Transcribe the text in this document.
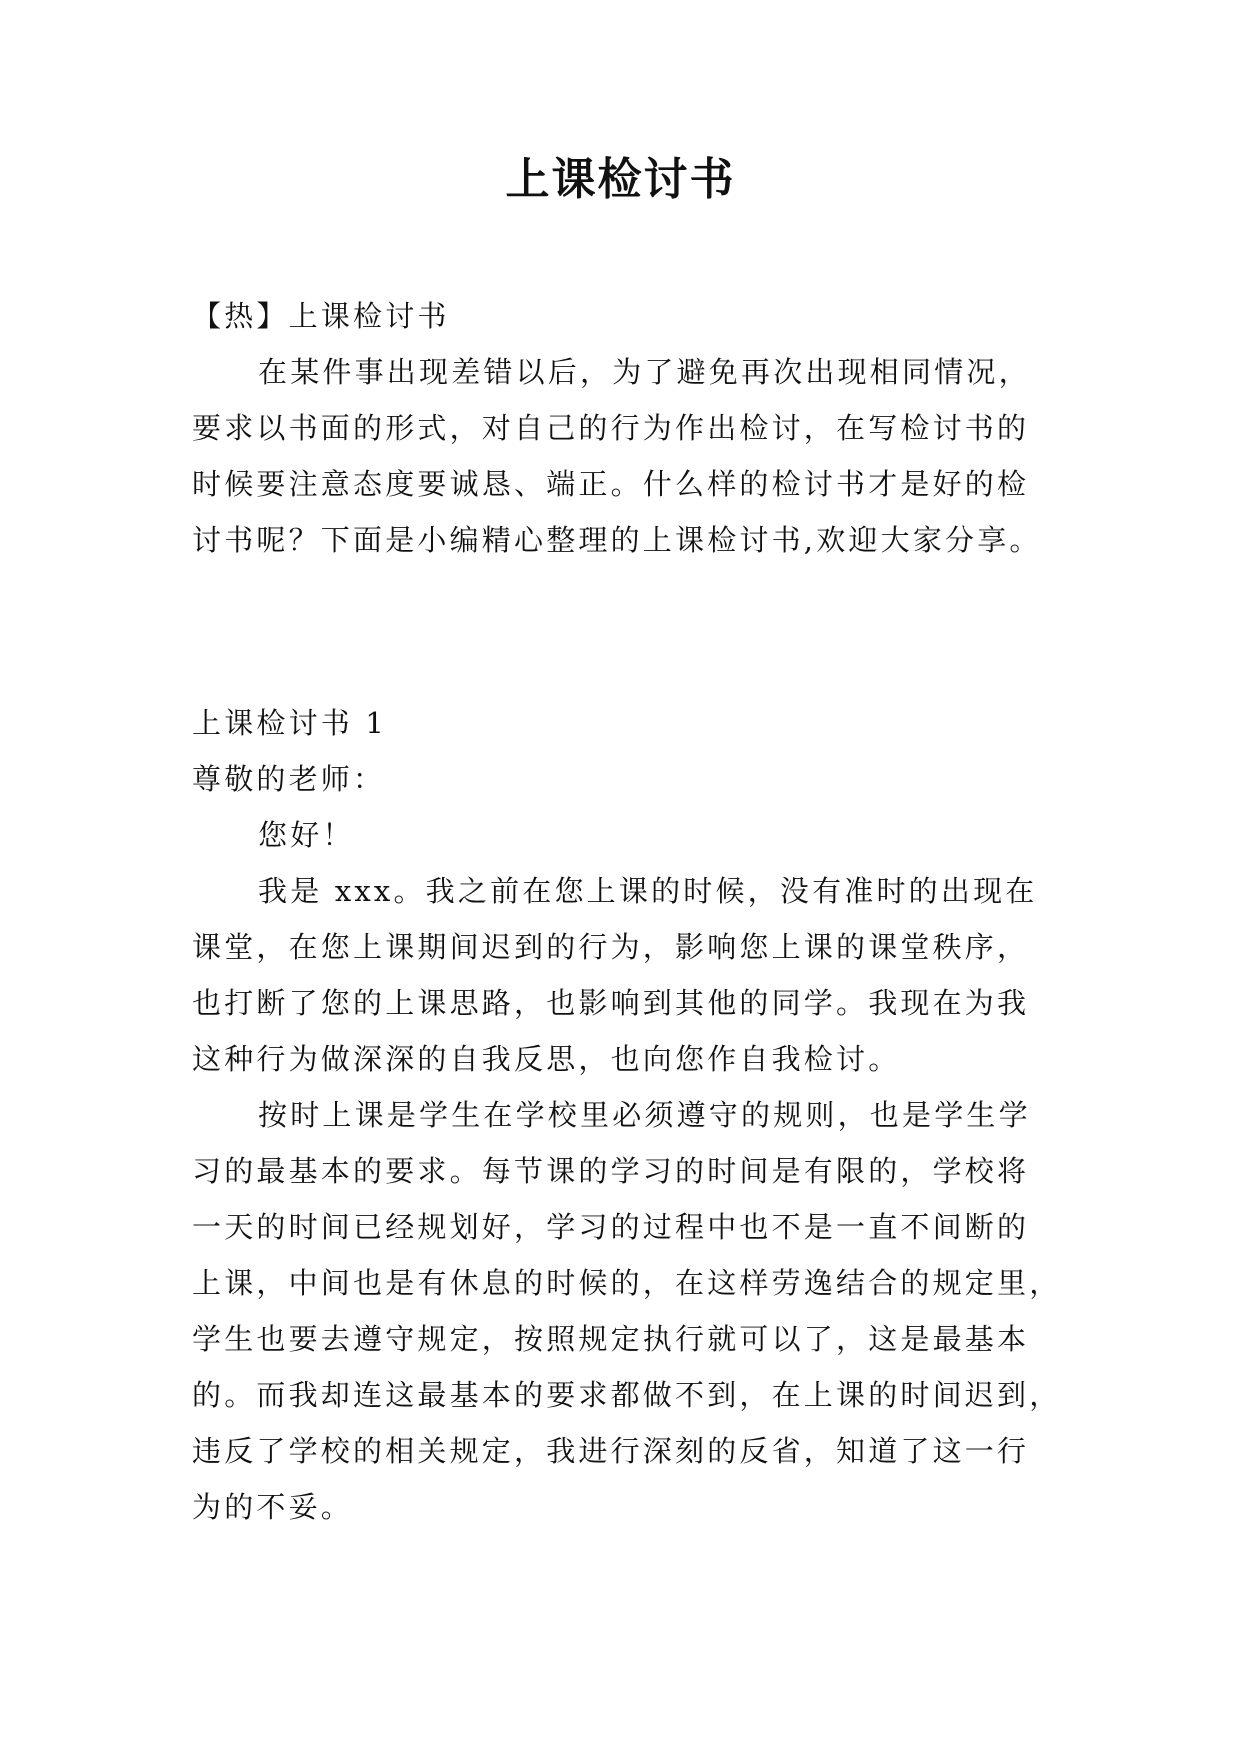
上课检讨书
【热】上课检讨书
在某件事出现差错以后，为了避免再次出现相同情况，
要求以书面的形式，对自己的行为作出检讨，在写检讨书的
时候要注意态度要诚恳、端正。什么样的检讨书才是好的检
讨书呢？下面是小编精心整理的上课检讨书,欢迎大家分享。
上课检讨书 1
尊敬的老师：
您好！
我是 xxx。我之前在您上课的时候，没有准时的出现在
课堂，在您上课期间迟到的行为，影响您上课的课堂秩序，
也打断了您的上课思路，也影响到其他的同学。我现在为我
这种行为做深深的自我反思，也向您作自我检讨。
按时上课是学生在学校里必须遵守的规则，也是学生学
习的最基本的要求。每节课的学习的时间是有限的，学校将
一天的时间已经规划好，学习的过程中也不是一直不间断的
上课，中间也是有休息的时候的，在这样劳逸结合的规定里，
学生也要去遵守规定，按照规定执行就可以了，这是最基本
的。而我却连这最基本的要求都做不到，在上课的时间迟到，
违反了学校的相关规定，我进行深刻的反省，知道了这一行
为的不妥。
